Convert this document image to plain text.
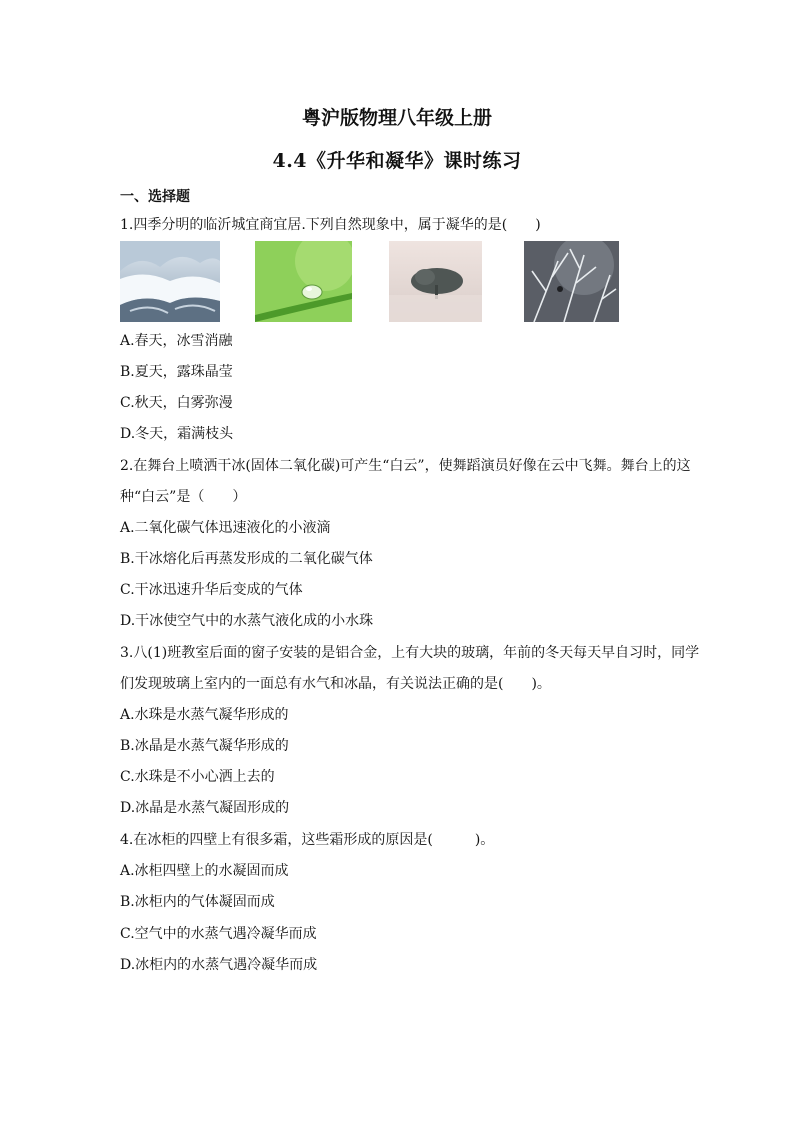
粤沪版物理八年级上册
4.4《升华和凝华》课时练习
一、选择题
1.四季分明的临沂城宜商宜居.下列自然现象中，属于凝华的是(　　)
A.春天，冰雪消融
B.夏天，露珠晶莹
C.秋天，白雾弥漫
D.冬天，霜满枝头
2.在舞台上喷洒干冰(固体二氧化碳)可产生“白云”，使舞蹈演员好像在云中飞舞。舞台上的这
种“白云”是（　　）
A.二氧化碳气体迅速液化的小液滴
B.干冰熔化后再蒸发形成的二氧化碳气体
C.干冰迅速升华后变成的气体
D.干冰使空气中的水蒸气液化成的小水珠
3.八(1)班教室后面的窗子安装的是铝合金，上有大块的玻璃，年前的冬天每天早自习时，同学
们发现玻璃上室内的一面总有水气和冰晶，有关说法正确的是(　　)。
A.水珠是水蒸气凝华形成的
B.冰晶是水蒸气凝华形成的
C.水珠是不小心洒上去的
D.冰晶是水蒸气凝固形成的
4.在冰柜的四壁上有很多霜，这些霜形成的原因是(　　　)。
A.冰柜四壁上的水凝固而成
B.冰柜内的气体凝固而成
C.空气中的水蒸气遇冷凝华而成
D.冰柜内的水蒸气遇冷凝华而成
